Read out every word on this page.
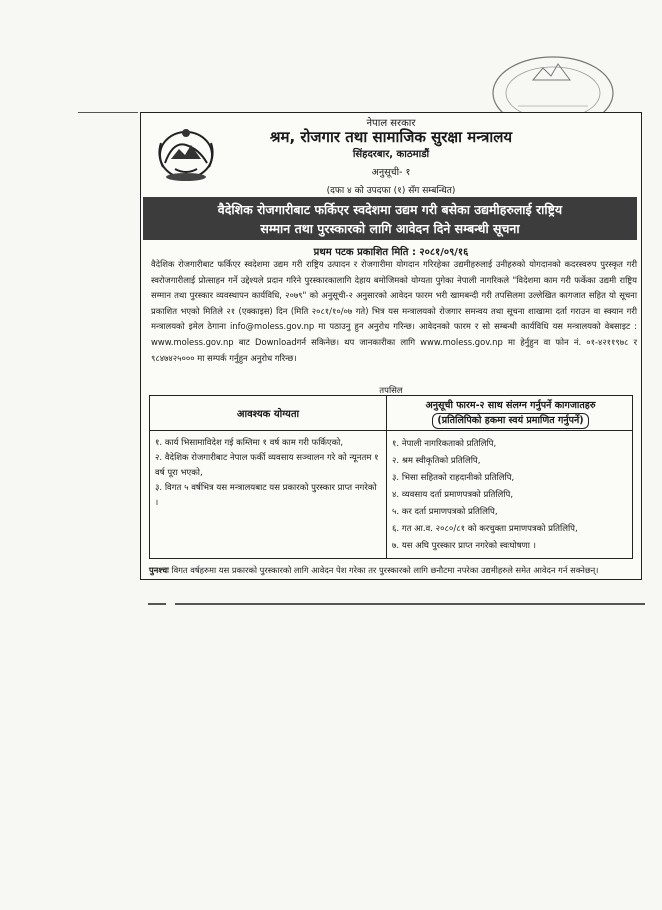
नेपाल सरकार
श्रम, रोजगार तथा सामाजिक सुरक्षा मन्त्रालय
सिंहदरबार, काठमाडौं
अनुसूची- १
(दफा ४ को उपदफा (१) सँग सम्बन्धित)
वैदेशिक रोजगारीबाट फर्किएर स्वदेशमा उद्यम गरी बसेका उद्यमीहरुलाई राष्ट्रिय
सम्मान तथा पुरस्कारको लागि आवेदन दिने सम्बन्धी सूचना
प्रथम पटक प्रकाशित मिति : २०८१/०९/१६
वैदेशिक रोजगारीबाट फर्किएर स्वदेशमा उद्यम गरी राष्ट्रिय उत्पादन र रोजगारीमा योगदान गरिरहेका उद्यमीहरुलाई उनीहरुको योगदानको कदरस्वरुप पुरस्कृत गरी स्वरोजगारीलाई प्रोत्साहन गर्ने उद्देश्यले प्रदान गरिने पुरस्कारकालागि देहाय बमोजिमको योग्यता पुगेका नेपाली नागरिकले "विदेशमा काम गरी फर्केका उद्यमी राष्ट्रिय सम्मान तथा पुरस्कार व्यवस्थापन कार्यविधि, २०७९" को अनुसूची-२ अनुसारको आवेदन फारम भरी खामबन्दी गरी तपसिलमा उल्लेखित कागजात सहित यो सूचना प्रकाशित भएको मितिले २१ (एक्काइस) दिन (मिति २०८१/१०/०७ गते) भित्र यस मन्त्रालयको रोजगार समन्वय तथा सूचना शाखामा दर्ता गराउन वा स्क्यान गरी मन्त्रालयको इमेल ठेगाना info@moless.gov.np मा पठाउनु हुन अनुरोध गरिन्छ। आवेदनको फारम र सो सम्बन्धी कार्यविधि यस मन्त्रालयको वेबसाइट : www.moless.gov.np बाट Downloadगर्न सकिनेछ। थप जानकारीका लागि www.moless.gov.np मा हेर्नुहुन वा फोन नं. ०१-४२११९७८ र ९८४७४२५००० मा सम्पर्क गर्नुहुन अनुरोध गरिन्छ।
तपसिल
आवश्यक योग्यता
अनुसूची फारम-२ साथ संलग्न गर्नुपर्ने कागजातहरु
(प्रतिलिपिको हकमा स्वयं प्रमाणित गर्नुपर्ने)
१. कार्य भिसामाविदेश गई कम्तिमा १ वर्ष काम गरी फर्किएको,
२. वैदेशिक रोजगारीबाट नेपाल फर्की व्यवसाय सञ्चालन गरे को न्यूनतम १ वर्ष पूरा भएको,
३. विगत ५ वर्षभित्र यस मन्त्रालयबाट यस प्रकारको पुरस्कार प्राप्त नगरेको ।
१. नेपाली नागरिकताको प्रतिलिपि,
२. श्रम स्वीकृतिको प्रतिलिपि,
३. भिसा सहितको राहदानीको प्रतिलिपि,
४. व्यवसाय दर्ता प्रमाणपत्रको प्रतिलिपि,
५. कर दर्ता प्रमाणपत्रको प्रतिलिपि,
६. गत आ.व. २०८०/८१ को करचुक्ता प्रमाणपत्रको प्रतिलिपि,
७. यस अघि पुरस्कार प्राप्त नगरेको स्वःघोषणा ।
पुनश्चः विगत वर्षहरुमा यस प्रकारको पुरस्कारको लागि आवेदन पेश गरेका तर पुरस्कारको लागि छनौटमा नपरेका उद्यमीहरुले समेत आवेदन गर्न सक्नेछन्।
